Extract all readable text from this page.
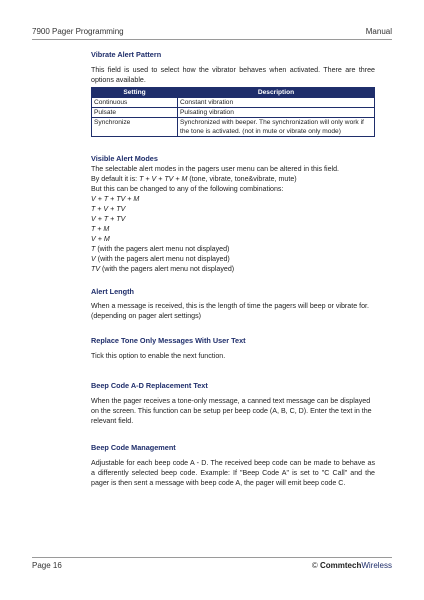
7900 Pager Programming	Manual
Vibrate Alert Pattern

This field is used to select how the vibrator behaves when activated. There are three options available.

Setting	Description
Continuous	Constant vibration
Pulsate	Pulsating vibration
Synchronize	Synchronized with beeper. The synchronization will only work if the tone is activated. (not in mute or vibrate only mode)
Visible Alert Modes

The selectable alert modes in the pagers user menu can be altered in this field.

By default it is: T + V + TV + M (tone, vibrate, tone&vibrate, mute)

But this can be changed to any of the following combinations:

V + T + TV + M

T + V + TV

V + T + TV

T + M

V + M

T (with the pagers alert menu not displayed)

V (with the pagers alert menu not displayed)

TV (with the pagers alert menu not displayed)

Alert Length

When a message is received, this is the length of time the pagers will beep or vibrate for. (depending on pager alert settings)

Replace Tone Only Messages With User Text

Tick this option to enable the next function.

Beep Code A-D Replacement Text

When the pager receives a tone-only message, a canned text message can be displayed on the screen. This function can be setup per beep code (A, B, C, D). Enter the text in the relevant field.

Beep Code Management

Adjustable for each beep code A - D. The received beep code can be made to behave as a differently selected beep code. Example: If "Beep Code A" is set to "C Call" and the pager is then sent a message with beep code A, the pager will emit beep code C.

Page 16	© CommtechWireless
